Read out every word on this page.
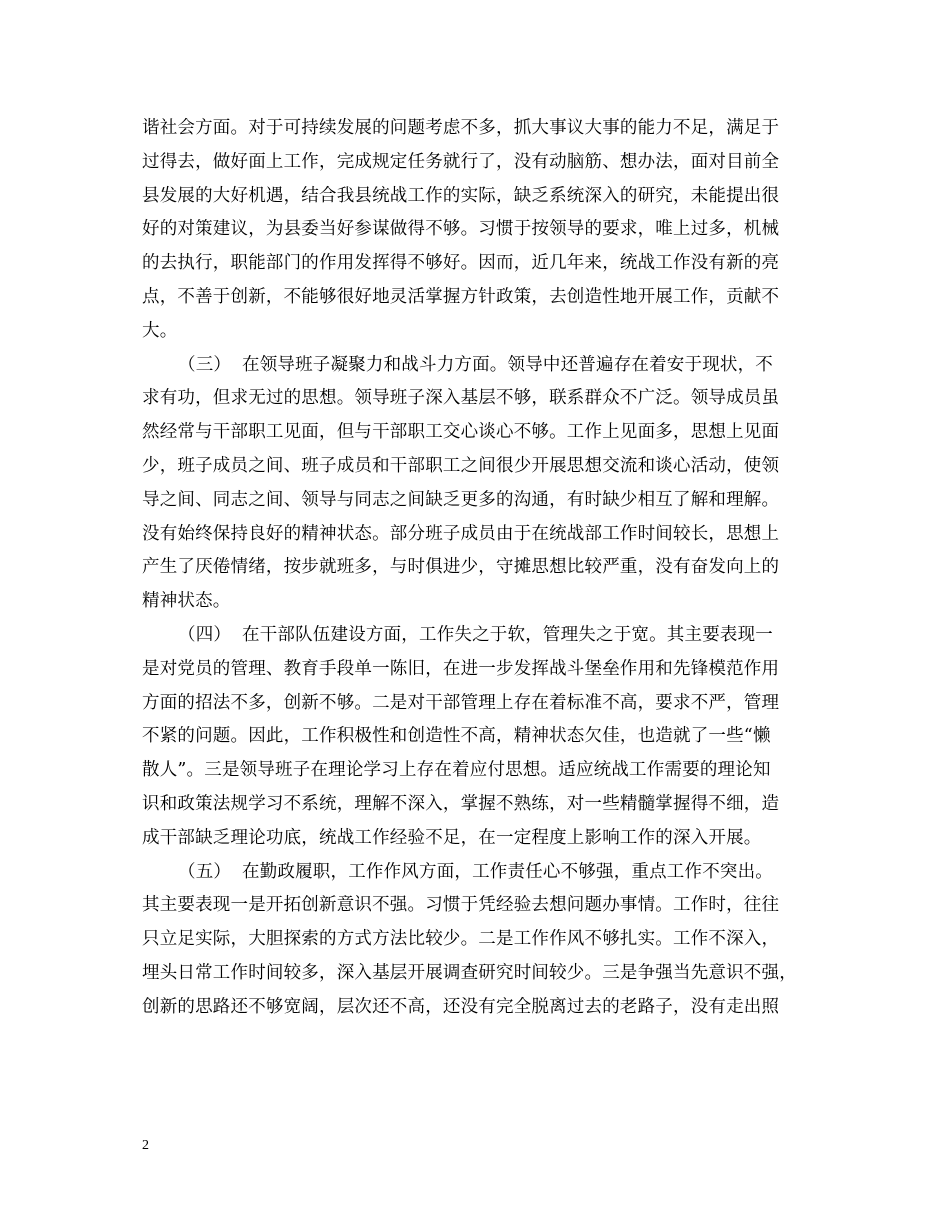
谐社会方面。对于可持续发展的问题考虑不多，抓大事议大事的能力不足，满足于
过得去，做好面上工作，完成规定任务就行了，没有动脑筋、想办法，面对目前全
县发展的大好机遇，结合我县统战工作的实际，缺乏系统深入的研究，未能提出很
好的对策建议，为县委当好参谋做得不够。习惯于按领导的要求，唯上过多，机械
的去执行，职能部门的作用发挥得不够好。因而，近几年来，统战工作没有新的亮
点，不善于创新，不能够很好地灵活掌握方针政策，去创造性地开展工作，贡献不
大。
（三） 在领导班子凝聚力和战斗力方面。领导中还普遍存在着安于现状，不
求有功，但求无过的思想。领导班子深入基层不够，联系群众不广泛。领导成员虽
然经常与干部职工见面，但与干部职工交心谈心不够。工作上见面多，思想上见面
少，班子成员之间、班子成员和干部职工之间很少开展思想交流和谈心活动，使领
导之间、同志之间、领导与同志之间缺乏更多的沟通，有时缺少相互了解和理解。
没有始终保持良好的精神状态。部分班子成员由于在统战部工作时间较长，思想上
产生了厌倦情绪，按步就班多，与时俱进少，守摊思想比较严重，没有奋发向上的
精神状态。
（四） 在干部队伍建设方面，工作失之于软，管理失之于宽。其主要表现一
是对党员的管理、教育手段单一陈旧，在进一步发挥战斗堡垒作用和先锋模范作用
方面的招法不多，创新不够。二是对干部管理上存在着标准不高，要求不严，管理
不紧的问题。因此，工作积极性和创造性不高，精神状态欠佳，也造就了一些“懒
散人”。三是领导班子在理论学习上存在着应付思想。适应统战工作需要的理论知
识和政策法规学习不系统，理解不深入，掌握不熟练，对一些精髓掌握得不细，造
成干部缺乏理论功底，统战工作经验不足，在一定程度上影响工作的深入开展。
（五） 在勤政履职，工作作风方面，工作责任心不够强，重点工作不突出。
其主要表现一是开拓创新意识不强。习惯于凭经验去想问题办事情。工作时，往往
只立足实际，大胆探索的方式方法比较少。二是工作作风不够扎实。工作不深入，
埋头日常工作时间较多，深入基层开展调查研究时间较少。三是争强当先意识不强，
创新的思路还不够宽阔，层次还不高，还没有完全脱离过去的老路子，没有走出照
2
